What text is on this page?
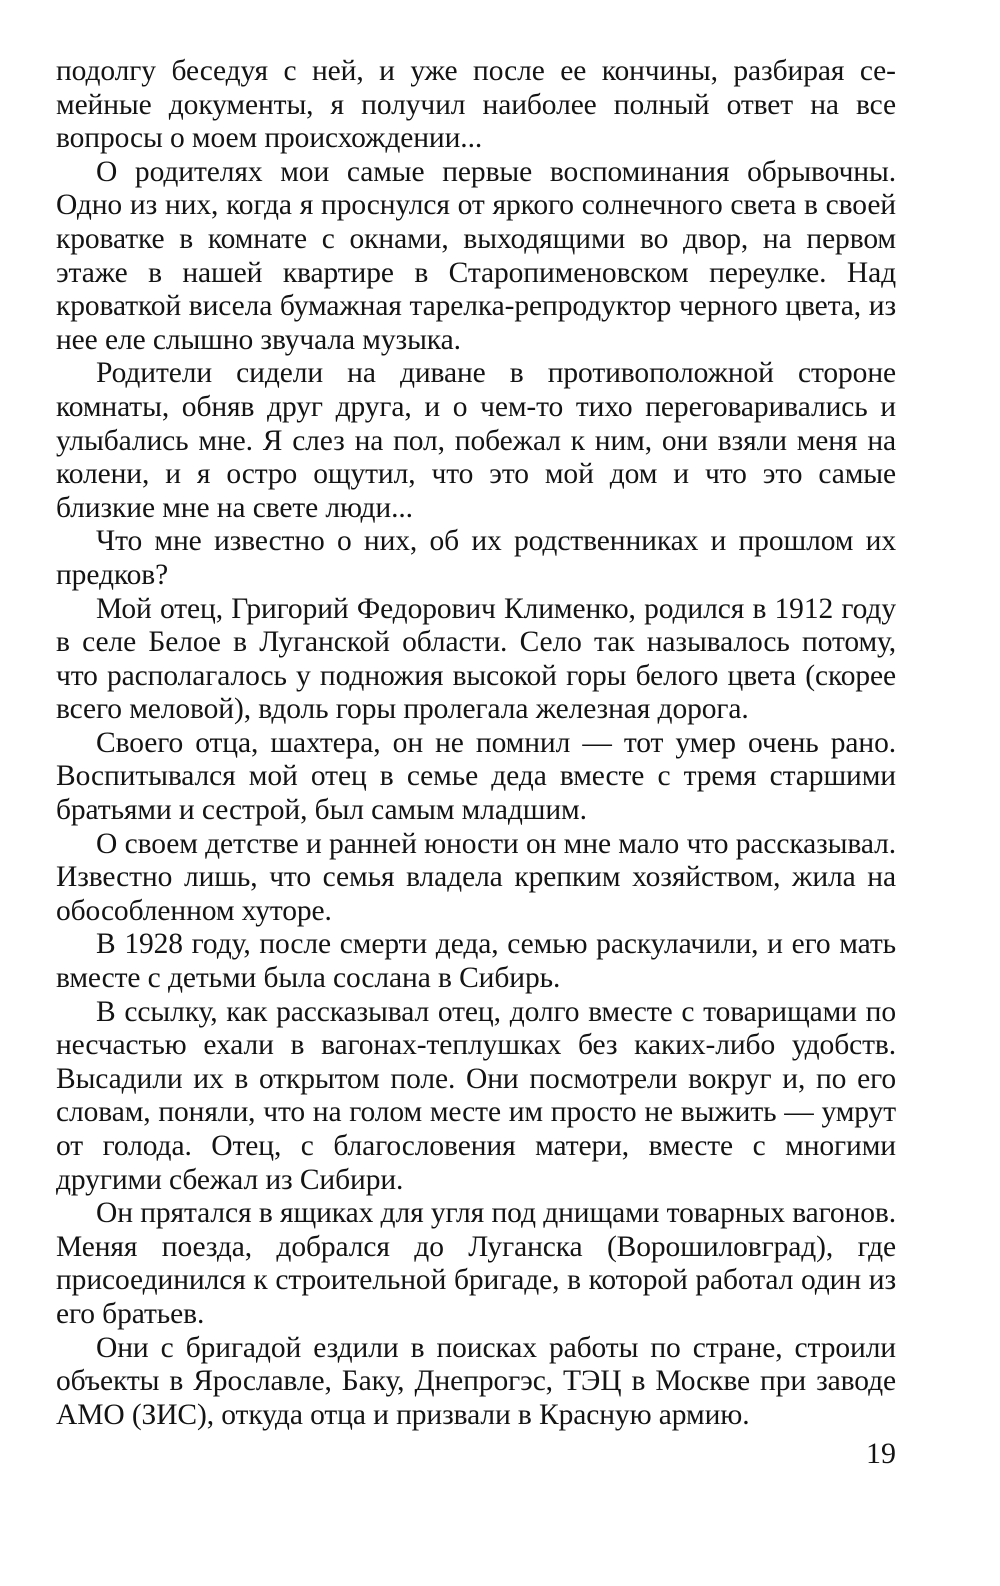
подолгу беседуя с ней, и уже после ее кончины, разбирая семейные документы, я получил наиболее полный ответ на все вопросы о моем происхождении...

О родителях мои самые первые воспоминания обрывочны. Одно из них, когда я проснулся от яркого солнечного света в своей кроватке в комнате с окнами, выходящими во двор, на первом этаже в нашей квартире в Старопименовском переулке. Над кроваткой висела бумажная тарелка-репродуктор черного цвета, из нее еле слышно звучала музыка.

Родители сидели на диване в противоположной стороне комнаты, обняв друг друга, и о чем-то тихо переговаривались и улыбались мне. Я слез на пол, побежал к ним, они взяли меня на колени, и я остро ощутил, что это мой дом и что это самые близкие мне на свете люди...

Что мне известно о них, об их родственниках и прошлом их предков?

Мой отец, Григорий Федорович Клименко, родился в 1912 году в селе Белое в Луганской области. Село так называлось потому, что располагалось у подножия высокой горы белого цвета (скорее всего меловой), вдоль горы пролегала железная дорога.

Своего отца, шахтера, он не помнил — тот умер очень рано. Воспитывался мой отец в семье деда вместе с тремя старшими братьями и сестрой, был самым младшим.

О своем детстве и ранней юности он мне мало что рассказывал. Известно лишь, что семья владела крепким хозяйством, жила на обособленном хуторе.

В 1928 году, после смерти деда, семью раскулачили, и его мать вместе с детьми была сослана в Сибирь.

В ссылку, как рассказывал отец, долго вместе с товарищами по несчастью ехали в вагонах-теплушках без каких-либо удобств. Высадили их в открытом поле. Они посмотрели вокруг и, по его словам, поняли, что на голом месте им просто не выжить — умрут от голода. Отец, с благословения матери, вместе с многими другими сбежал из Сибири.

Он прятался в ящиках для угля под днищами товарных вагонов. Меняя поезда, добрался до Луганска (Ворошиловград), где присоединился к строительной бригаде, в которой работал один из его братьев.

Они с бригадой ездили в поисках работы по стране, строили объекты в Ярославле, Баку, Днепрогэс, ТЭЦ в Москве при заводе АМО (ЗИС), откуда отца и призвали в Красную армию.

19
